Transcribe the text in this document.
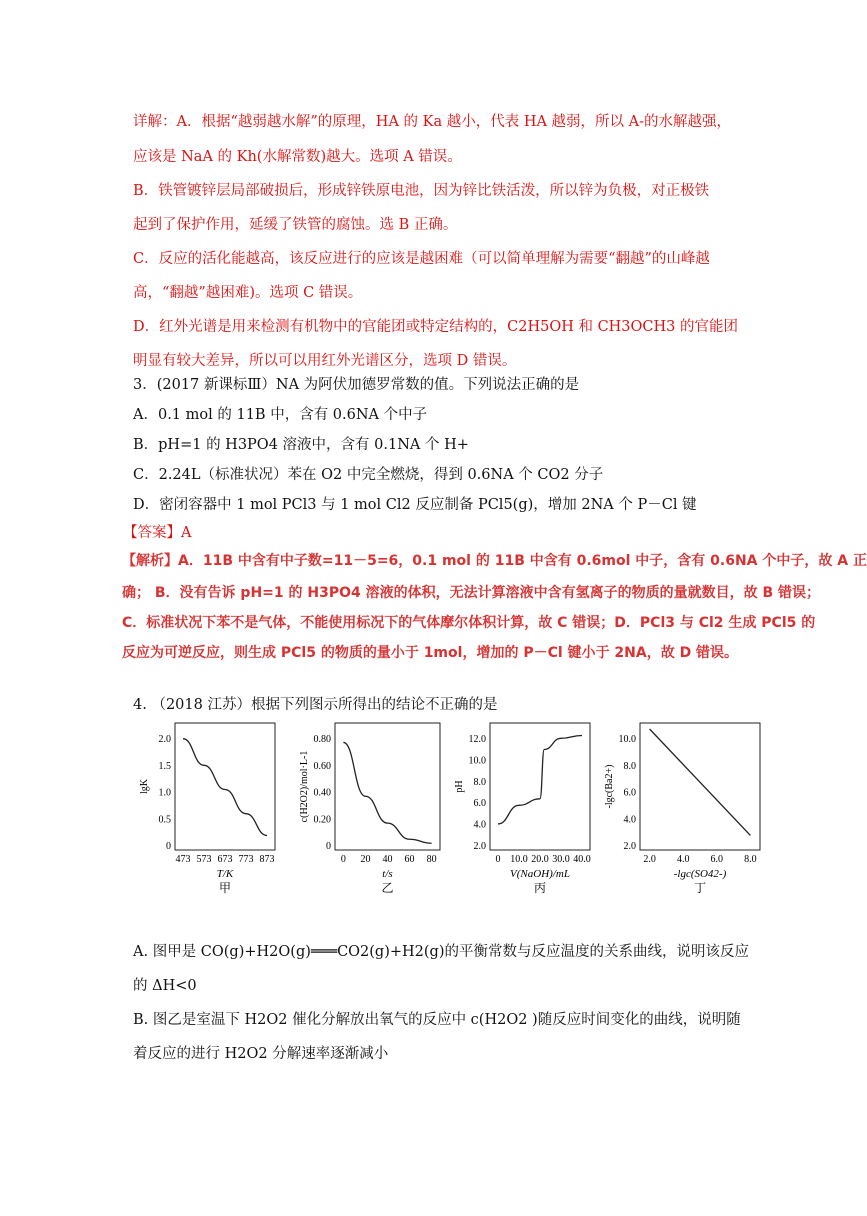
详解：A．根据“越弱越水解”的原理，HA 的 Ka 越小，代表 HA 越弱，所以 A-的水解越强，
应该是 NaA 的 Kh(水解常数)越大。选项 A 错误。
B．铁管镀锌层局部破损后，形成锌铁原电池，因为锌比铁活泼，所以锌为负极，对正极铁
起到了保护作用，延缓了铁管的腐蚀。选 B 正确。
C．反应的活化能越高，该反应进行的应该是越困难（可以简单理解为需要“翻越”的山峰越
高，“翻越”越困难)。选项 C 错误。
D．红外光谱是用来检测有机物中的官能团或特定结构的，C2H5OH 和 CH3OCH3 的官能团
明显有较大差异，所以可以用红外光谱区分，选项 D 错误。
3．(2017 新课标Ⅲ）NA 为阿伏加德罗常数的值。下列说法正确的是
A．0.1 mol 的 11B 中，含有 0.6NA 个中子
B．pH=1 的 H3PO4 溶液中，含有 0.1NA 个 H+
C．2.24L（标准状况）苯在 O2 中完全燃烧，得到 0.6NA 个 CO2 分子
D．密闭容器中 1 mol PCl3 与 1 mol Cl2 反应制备 PCl5(g)，增加 2NA 个 P－Cl 键
【答案】A
【解析】A．11B 中含有中子数=11－5=6，0.1 mol 的 11B 中含有 0.6mol 中子，含有 0.6NA 个中子，故 A 正
确； B．没有告诉 pH=1 的 H3PO4 溶液的体积，无法计算溶液中含有氢离子的物质的量就数目，故 B 错误；
C．标准状况下苯不是气体，不能使用标况下的气体摩尔体积计算，故 C 错误；D．PCl3 与 Cl2 生成 PCl5 的
反应为可逆反应，则生成 PCl5 的物质的量小于 1mol，增加的 P－Cl 键小于 2NA，故 D 错误。
4. （2018 江苏）根据下列图示所得出的结论不正确的是
0
0.5
1.0
1.5
2.0
473 573 673 773 873
T/K
甲
lgK
0
0.20
0.40
0.60
0.80
0 20 40 60 80
t/s
乙
c(H2O2)/mol·L-1
2.0
4.0
6.0
8.0
10.0
12.0
0 10.0 20.0 30.0 40.0
V(NaOH)/mL
丙
pH
2.0
4.0
6.0
8.0
10.0
2.0 4.0 6.0 8.0
-lgc(SO42-)
丁
-lgc(Ba2+)
A. 图甲是 CO(g)+H2O(g)═══CO2(g)+H2(g)的平衡常数与反应温度的关系曲线，说明该反应
的 ΔH<0
B. 图乙是室温下 H2O2 催化分解放出氧气的反应中 c(H2O2 )随反应时间变化的曲线，说明随
着反应的进行 H2O2 分解速率逐渐减小
